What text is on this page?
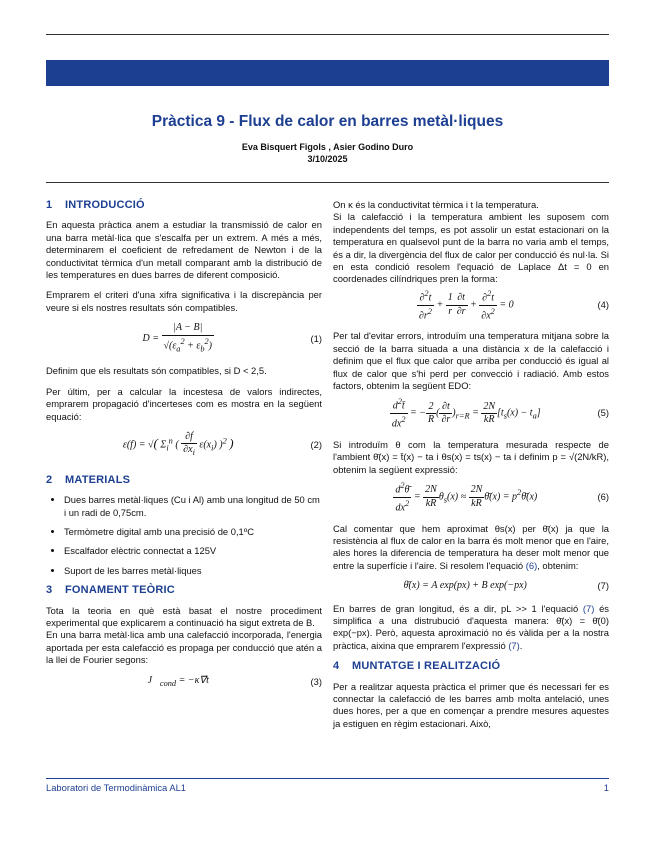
Pràctica 9 - Flux de calor en barres metàl·liques
Eva Bisquert Figols , Asier Godino Duro
3/10/2025
1 INTRODUCCIÓ

En aquesta pràctica anem a estudiar la transmissió de calor en una barra metàl·lica que s'escalfa per un extrem. A més a més, determinarem el coeficient de refredament de Newton i de la conductivitat tèrmica d'un metall comparant amb la distribució de les temperatures en dues barres de diferent composició.

Emprarem el criteri d'una xifra significativa i la discrepància per veure si els nostres resultats són compatibles.

$D = \frac{|A - B|}{√(\varepsilon_a^2 + \varepsilon_b^2)}$	(1)

Definim que els resultats són compatibles, si D < 2,5.

Per últim, per a calcular la incestesa de valors indirectes, emprarem propagació d'incerteses com es mostra en la següent equació:

ε(f) = √( $\Sigma_i^n$ ( $\frac{\partial f}{\partial x_i} \varepsilon(x_i)$ )$^2$ )	(2)
2 MATERIALS
• Dues barres metàl·liques (Cu i Al) amb una longitud de 50 cm i un radi de 0,75cm.
• Termòmetre digital amb una precisió de 0,1ºC
• Escalfador elèctric connectat a 125V
• Suport de les barres metàl·liques
3 FONAMENT TEÒRIC

Tota la teoria en què està basat el nostre procediment experimental que explicarem a continuació ha sigut extreta de B.

En una barra metàl·lica amb una calefacció incorporada, l'energia aportada per esta calefacció es propaga per conducció que atén a la llei de Fourier segons:

$J⃗_{cond}$ = −κ∇⃗t	(3)

On κ és la conductivitat tèrmica i t la temperatura.

Si la calefacció i la temperatura ambient les suposem com independents del temps, es pot assolir un estat estacionari on la temperatura en qualsevol punt de la barra no varia amb el temps, és a dir, la divergència del flux de calor per conducció és nul·la. Si en esta condició resolem l'equació de Laplace Δt = 0 en coordenades cilíndriques pren la forma:

$\frac{\partial^2t}{\partial r^2} + \frac{1}{r} \frac{\partial t}{\partial r} + \frac{\partial^2t}{\partial x^2} = 0$	(4)

Per tal d'evitar errors, introduïm una temperatura mitjana sobre la secció de la barra situada a una distància x de la calefacció i definim que el flux que calor que arriba per conducció és igual al flux de calor que s'hi perd per convecció i radiació. Amb estos factors, obtenim la següent EDO:

$\frac{d^2t̄}{dx^2}$ = − $\frac{2}{R}$ ( $\frac{\partial t}{\partial r} )_{r=R} = \frac{2N}{kR} [t_s(x) - t_a]$	(5)

Si introduïm θ com la temperatura mesurada respecte de l'ambient θ̄(x) = t̄(x) − ta i θs(x) = ts(x) − ta i definim p = √(2N/kR), obtenim la següent expressió:

$\frac{d^2\thetā}{dx^2} = \frac{2N}{kR} \theta_s(x) \approx \frac{2N}{kR}$ θ̄(x) = $p^2\thetā(x)$	(6)

Cal comentar que hem aproximat θs(x) per θ̄(x) ja que la resistència al flux de calor en la barra és molt menor que en l'aire, ales hores la diferencia de temperatura ha deser molt menor que entre la superfície i l'aire. Si resolem l'equació (6), obtenim:

θ̄(x) = A exp(px) + B exp(−px)	(7)

En barres de gran longitud, és a dir, pL >> 1 l'equació (7) és simplifica a una distrubució d'aquesta manera: θ̄(x) = θ̄(0) exp(−px). Però, aquesta aproximació no és vàlida per a la nostra pràctica, aixina que emprarem l'expressió (7).

4 MUNTATGE I REALITZACIÓ

Per a realitzar aquesta pràctica el primer que és necessari fer es connectar la calefacció de les barres amb molta antelació, unes dues hores, per a que en començar a prendre mesures aquestes ja estiguen en règim estacionari. Això,

Laboratori de Termodinàmica AL1	1
